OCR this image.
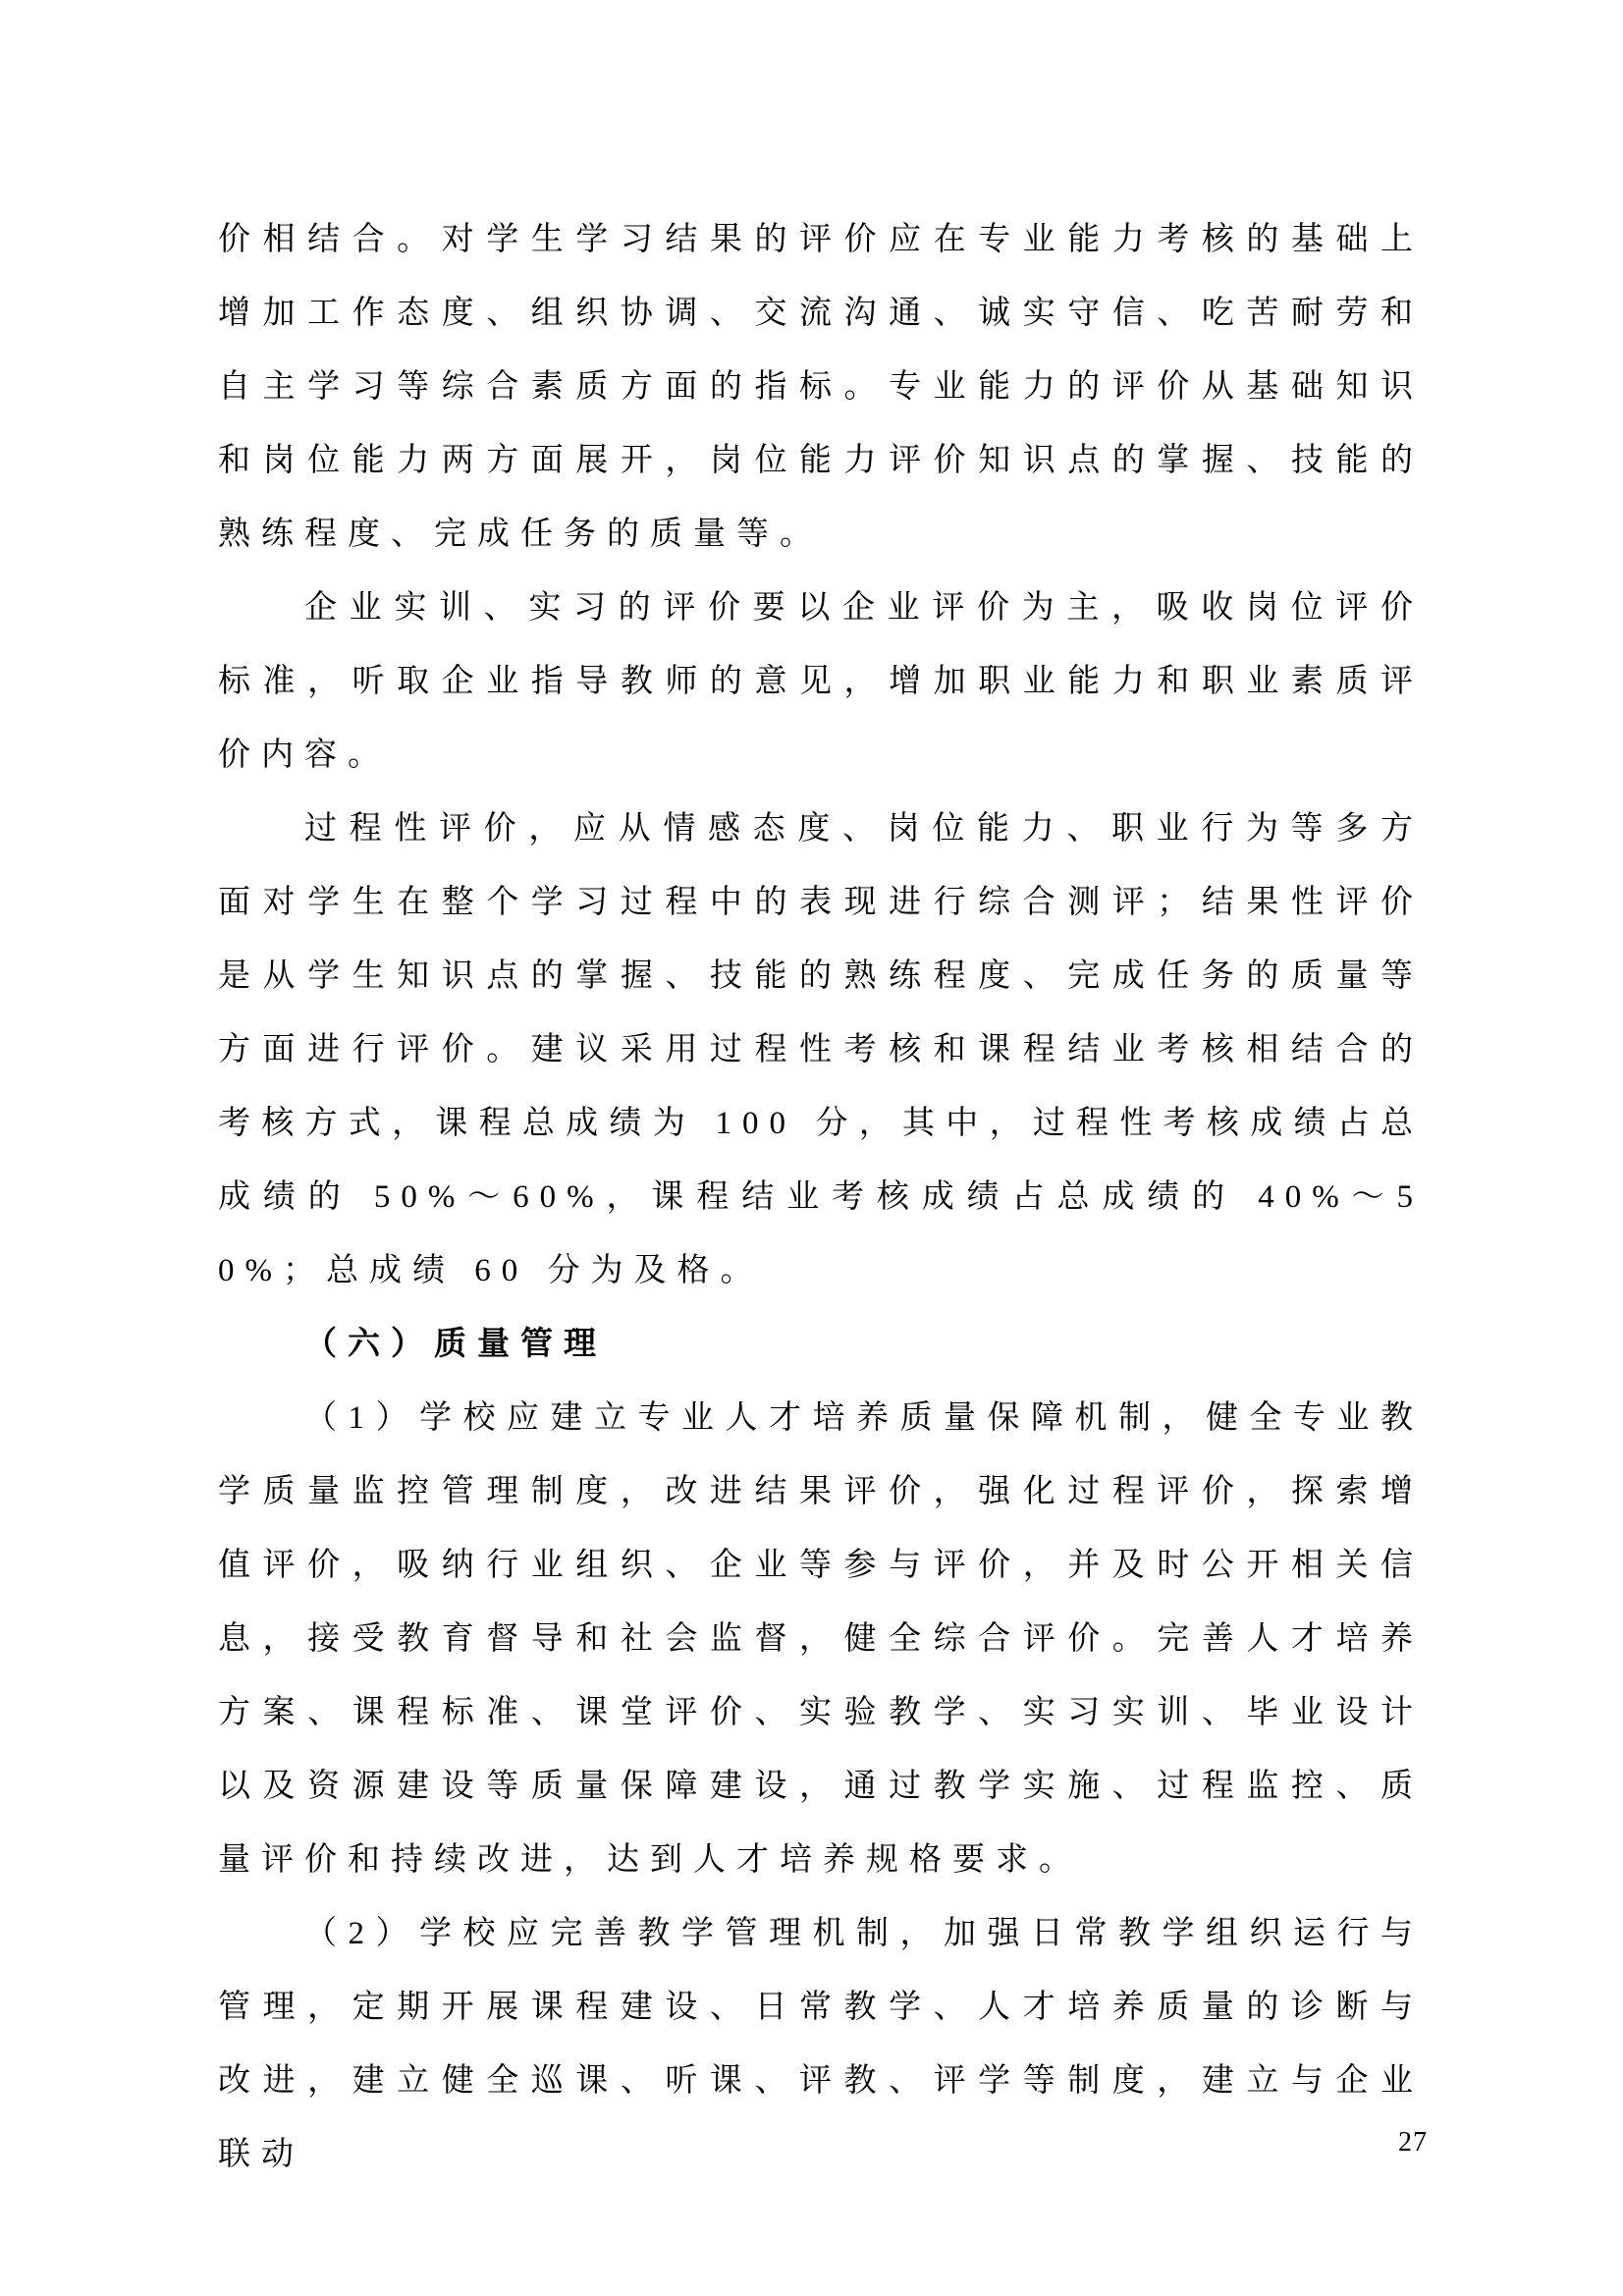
价相结合。对学生学习结果的评价应在专业能力考核的基础上增加工作态度、组织协调、交流沟通、诚实守信、吃苦耐劳和自主学习等综合素质方面的指标。专业能力的评价从基础知识和岗位能力两方面展开，岗位能力评价知识点的掌握、技能的熟练程度、完成任务的质量等。

企业实训、实习的评价要以企业评价为主，吸收岗位评价标准，听取企业指导教师的意见，增加职业能力和职业素质评价内容。

过程性评价，应从情感态度、岗位能力、职业行为等多方面对学生在整个学习过程中的表现进行综合测评；结果性评价是从学生知识点的掌握、技能的熟练程度、完成任务的质量等方面进行评价。建议采用过程性考核和课程结业考核相结合的考核方式，课程总成绩为 100 分，其中，过程性考核成绩占总成绩的 50%～60%，课程结业考核成绩占总成绩的 40%～50%；总成绩 60 分为及格。

（六）质量管理

（1）学校应建立专业人才培养质量保障机制，健全专业教学质量监控管理制度，改进结果评价，强化过程评价，探索增值评价，吸纳行业组织、企业等参与评价，并及时公开相关信息，接受教育督导和社会监督，健全综合评价。完善人才培养方案、课程标准、课堂评价、实验教学、实习实训、毕业设计以及资源建设等质量保障建设，通过教学实施、过程监控、质量评价和持续改进，达到人才培养规格要求。

（2）学校应完善教学管理机制，加强日常教学组织运行与管理，定期开展课程建设、日常教学、人才培养质量的诊断与改进，建立健全巡课、听课、评教、评学等制度，建立与企业联动	27
